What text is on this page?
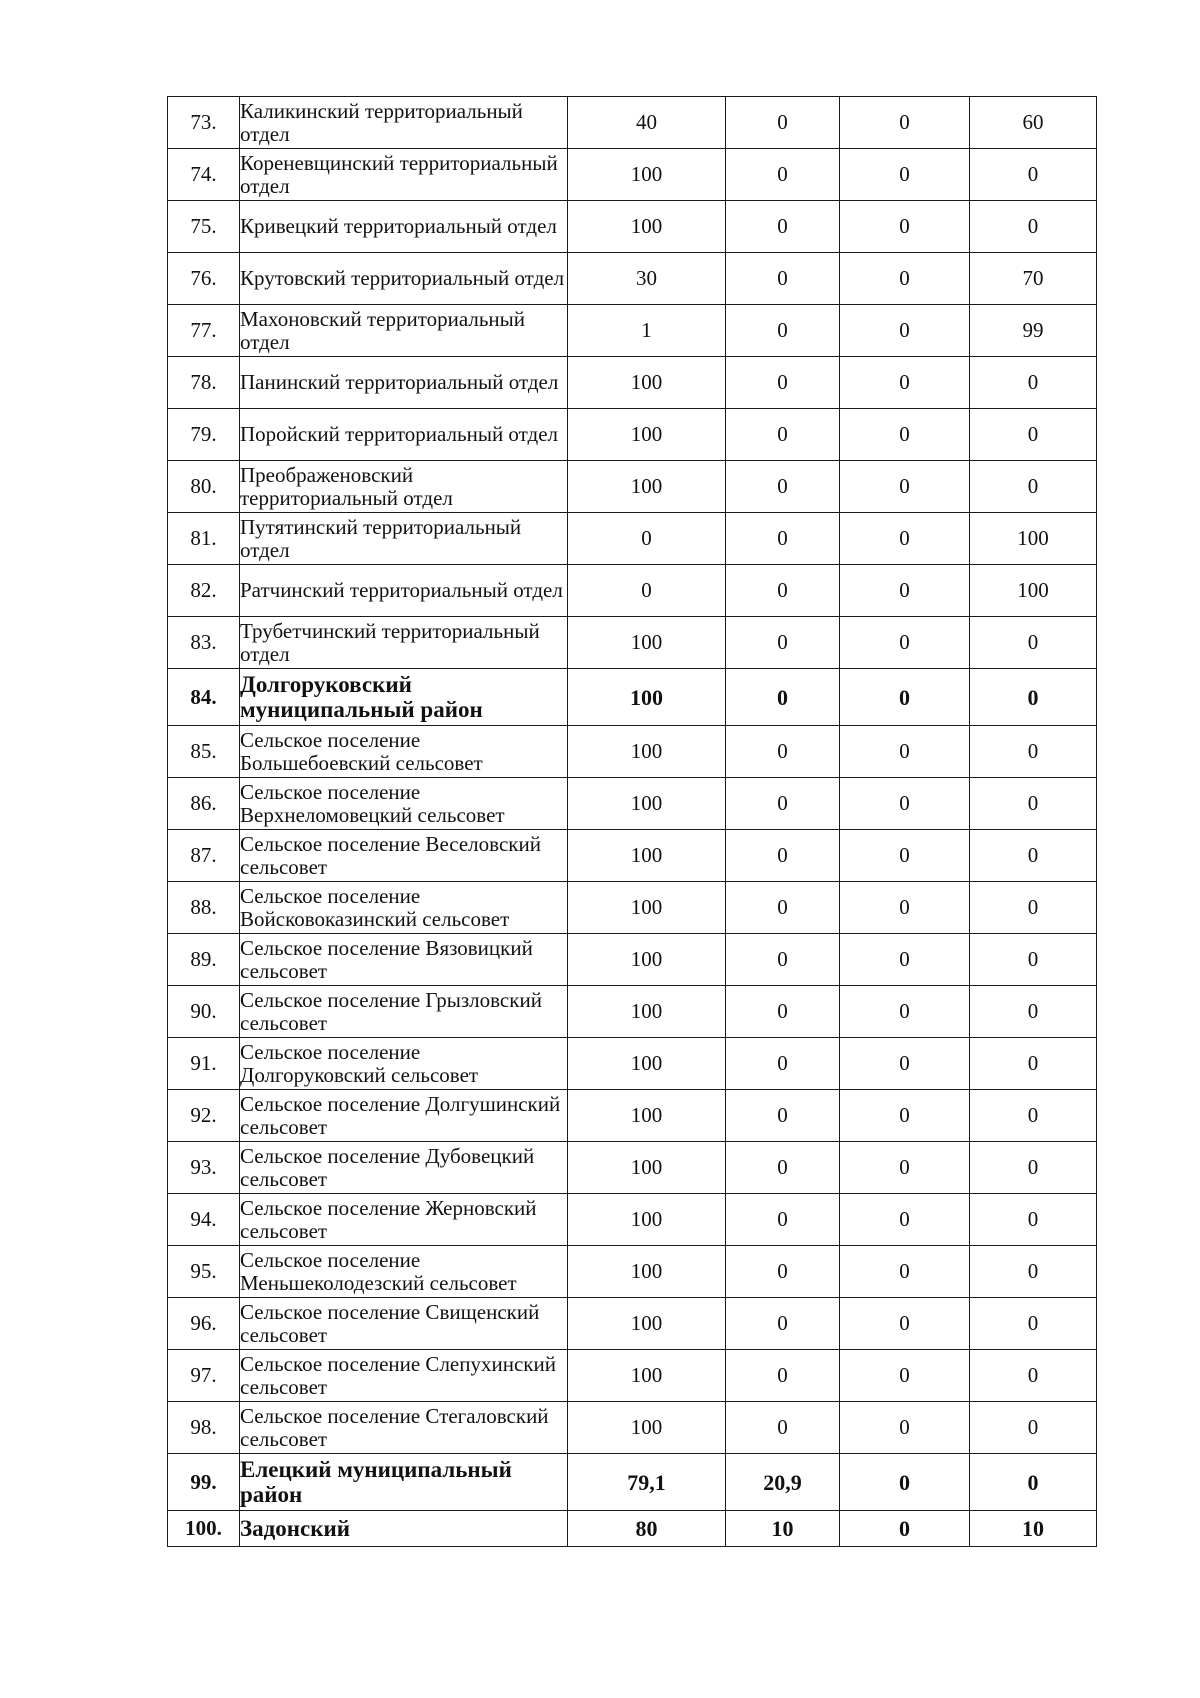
73.	Каликинский территориальный отдел	40	0	0	60
74.	Кореневщинский территориальный отдел	100	0	0	0
75.	Кривецкий территориальный отдел	100	0	0	0
76.	Крутовский территориальный отдел	30	0	0	70
77.	Махоновский территориальный отдел	1	0	0	99
78.	Панинский территориальный отдел	100	0	0	0
79.	Поройский территориальный отдел	100	0	0	0
80.	Преображеновский территориальный отдел	100	0	0	0
81.	Путятинский территориальный отдел	0	0	0	100
82.	Ратчинский территориальный отдел	0	0	0	100
83.	Трубетчинский территориальный отдел	100	0	0	0
84.	Долгоруковский муниципальный район	100	0	0	0
85.	Сельское поселение Большебоевский сельсовет	100	0	0	0
86.	Сельское поселение Верхнеломовецкий сельсовет	100	0	0	0
87.	Сельское поселение Веселовский сельсовет	100	0	0	0
88.	Сельское поселение Войсковоказинский сельсовет	100	0	0	0
89.	Сельское поселение Вязовицкий сельсовет	100	0	0	0
90.	Сельское поселение Грызловский сельсовет	100	0	0	0
91.	Сельское поселение Долгоруковский сельсовет	100	0	0	0
92.	Сельское поселение Долгушинский сельсовет	100	0	0	0
93.	Сельское поселение Дубовецкий сельсовет	100	0	0	0
94.	Сельское поселение Жерновский сельсовет	100	0	0	0
95.	Сельское поселение Меньшеколодезский сельсовет	100	0	0	0
96.	Сельское поселение Свищенский сельсовет	100	0	0	0
97.	Сельское поселение Слепухинский сельсовет	100	0	0	0
98.	Сельское поселение Стегаловский сельсовет	100	0	0	0
99.	Елецкий муниципальный район	79,1	20,9	0	0
100.	Задонский	80	10	0	10
